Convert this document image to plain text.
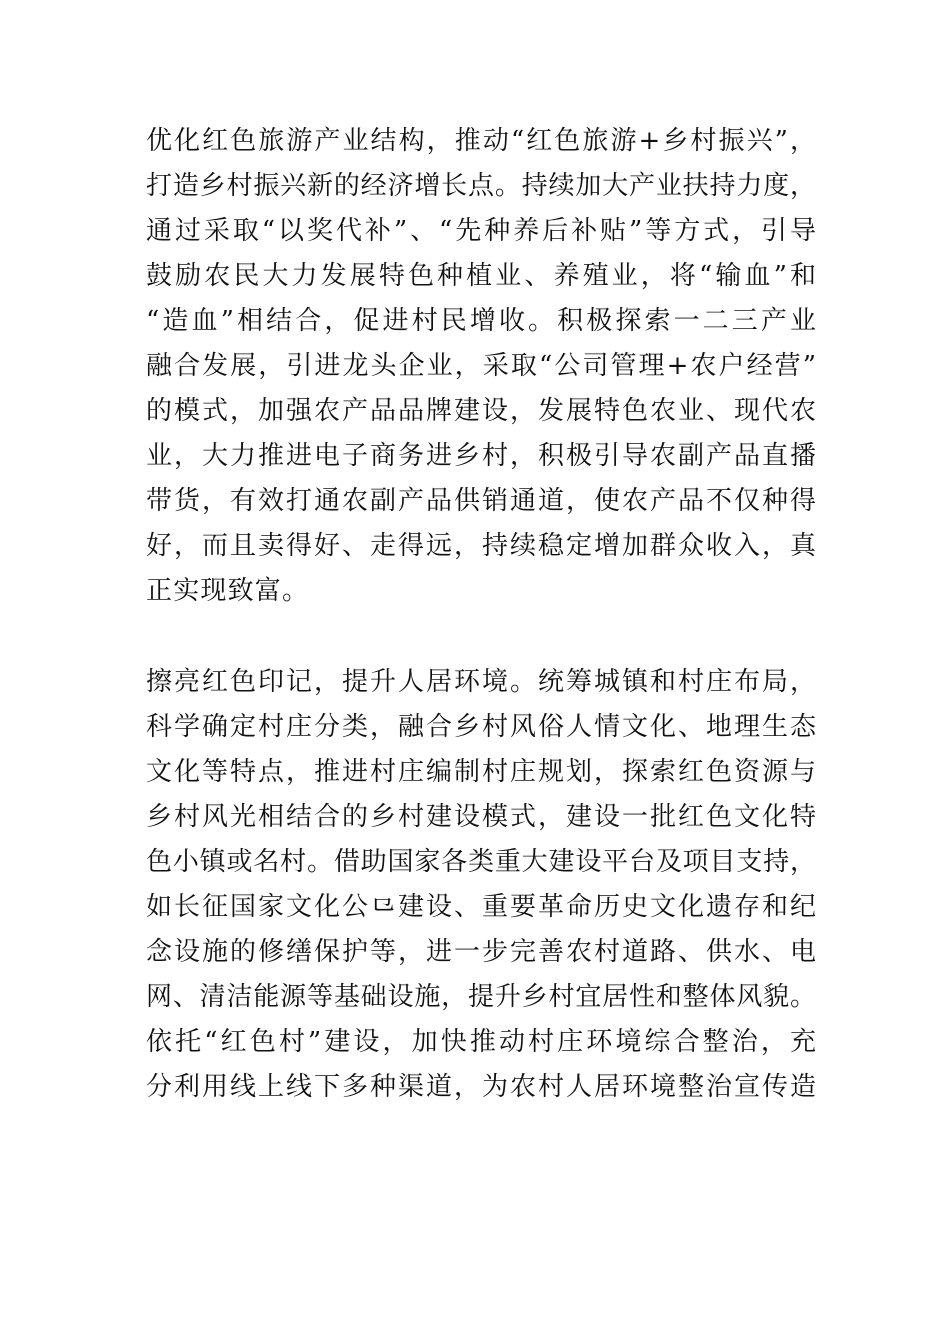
优化红色旅游产业结构，推动“红色旅游+乡村振兴”，
打造乡村振兴新的经济增长点。持续加大产业扶持力度，
通过采取“以奖代补”、“先种养后补贴”等方式，引导
鼓励农民大力发展特色种植业、养殖业，将“输血”和
“造血”相结合，促进村民增收。积极探索一二三产业
融合发展，引进龙头企业，采取“公司管理+农户经营”
的模式，加强农产品品牌建设，发展特色农业、现代农
业，大力推进电子商务进乡村，积极引导农副产品直播
带货，有效打通农副产品供销通道，使农产品不仅种得
好，而且卖得好、走得远，持续稳定增加群众收入，真
正实现致富。
擦亮红色印记，提升人居环境。统筹城镇和村庄布局，
科学确定村庄分类，融合乡村风俗人情文化、地理生态
文化等特点，推进村庄编制村庄规划，探索红色资源与
乡村风光相结合的乡村建设模式，建设一批红色文化特
色小镇或名村。借助国家各类重大建设平台及项目支持，
如长征国家文化公⺋建设、重要革命历史文化遗存和纪
念设施的修缮保护等，进一步完善农村道路、供水、电
网、清洁能源等基础设施，提升乡村宜居性和整体风貌。
依托“红色村”建设，加快推动村庄环境综合整治，充
分利用线上线下多种渠道，为农村人居环境整治宣传造
